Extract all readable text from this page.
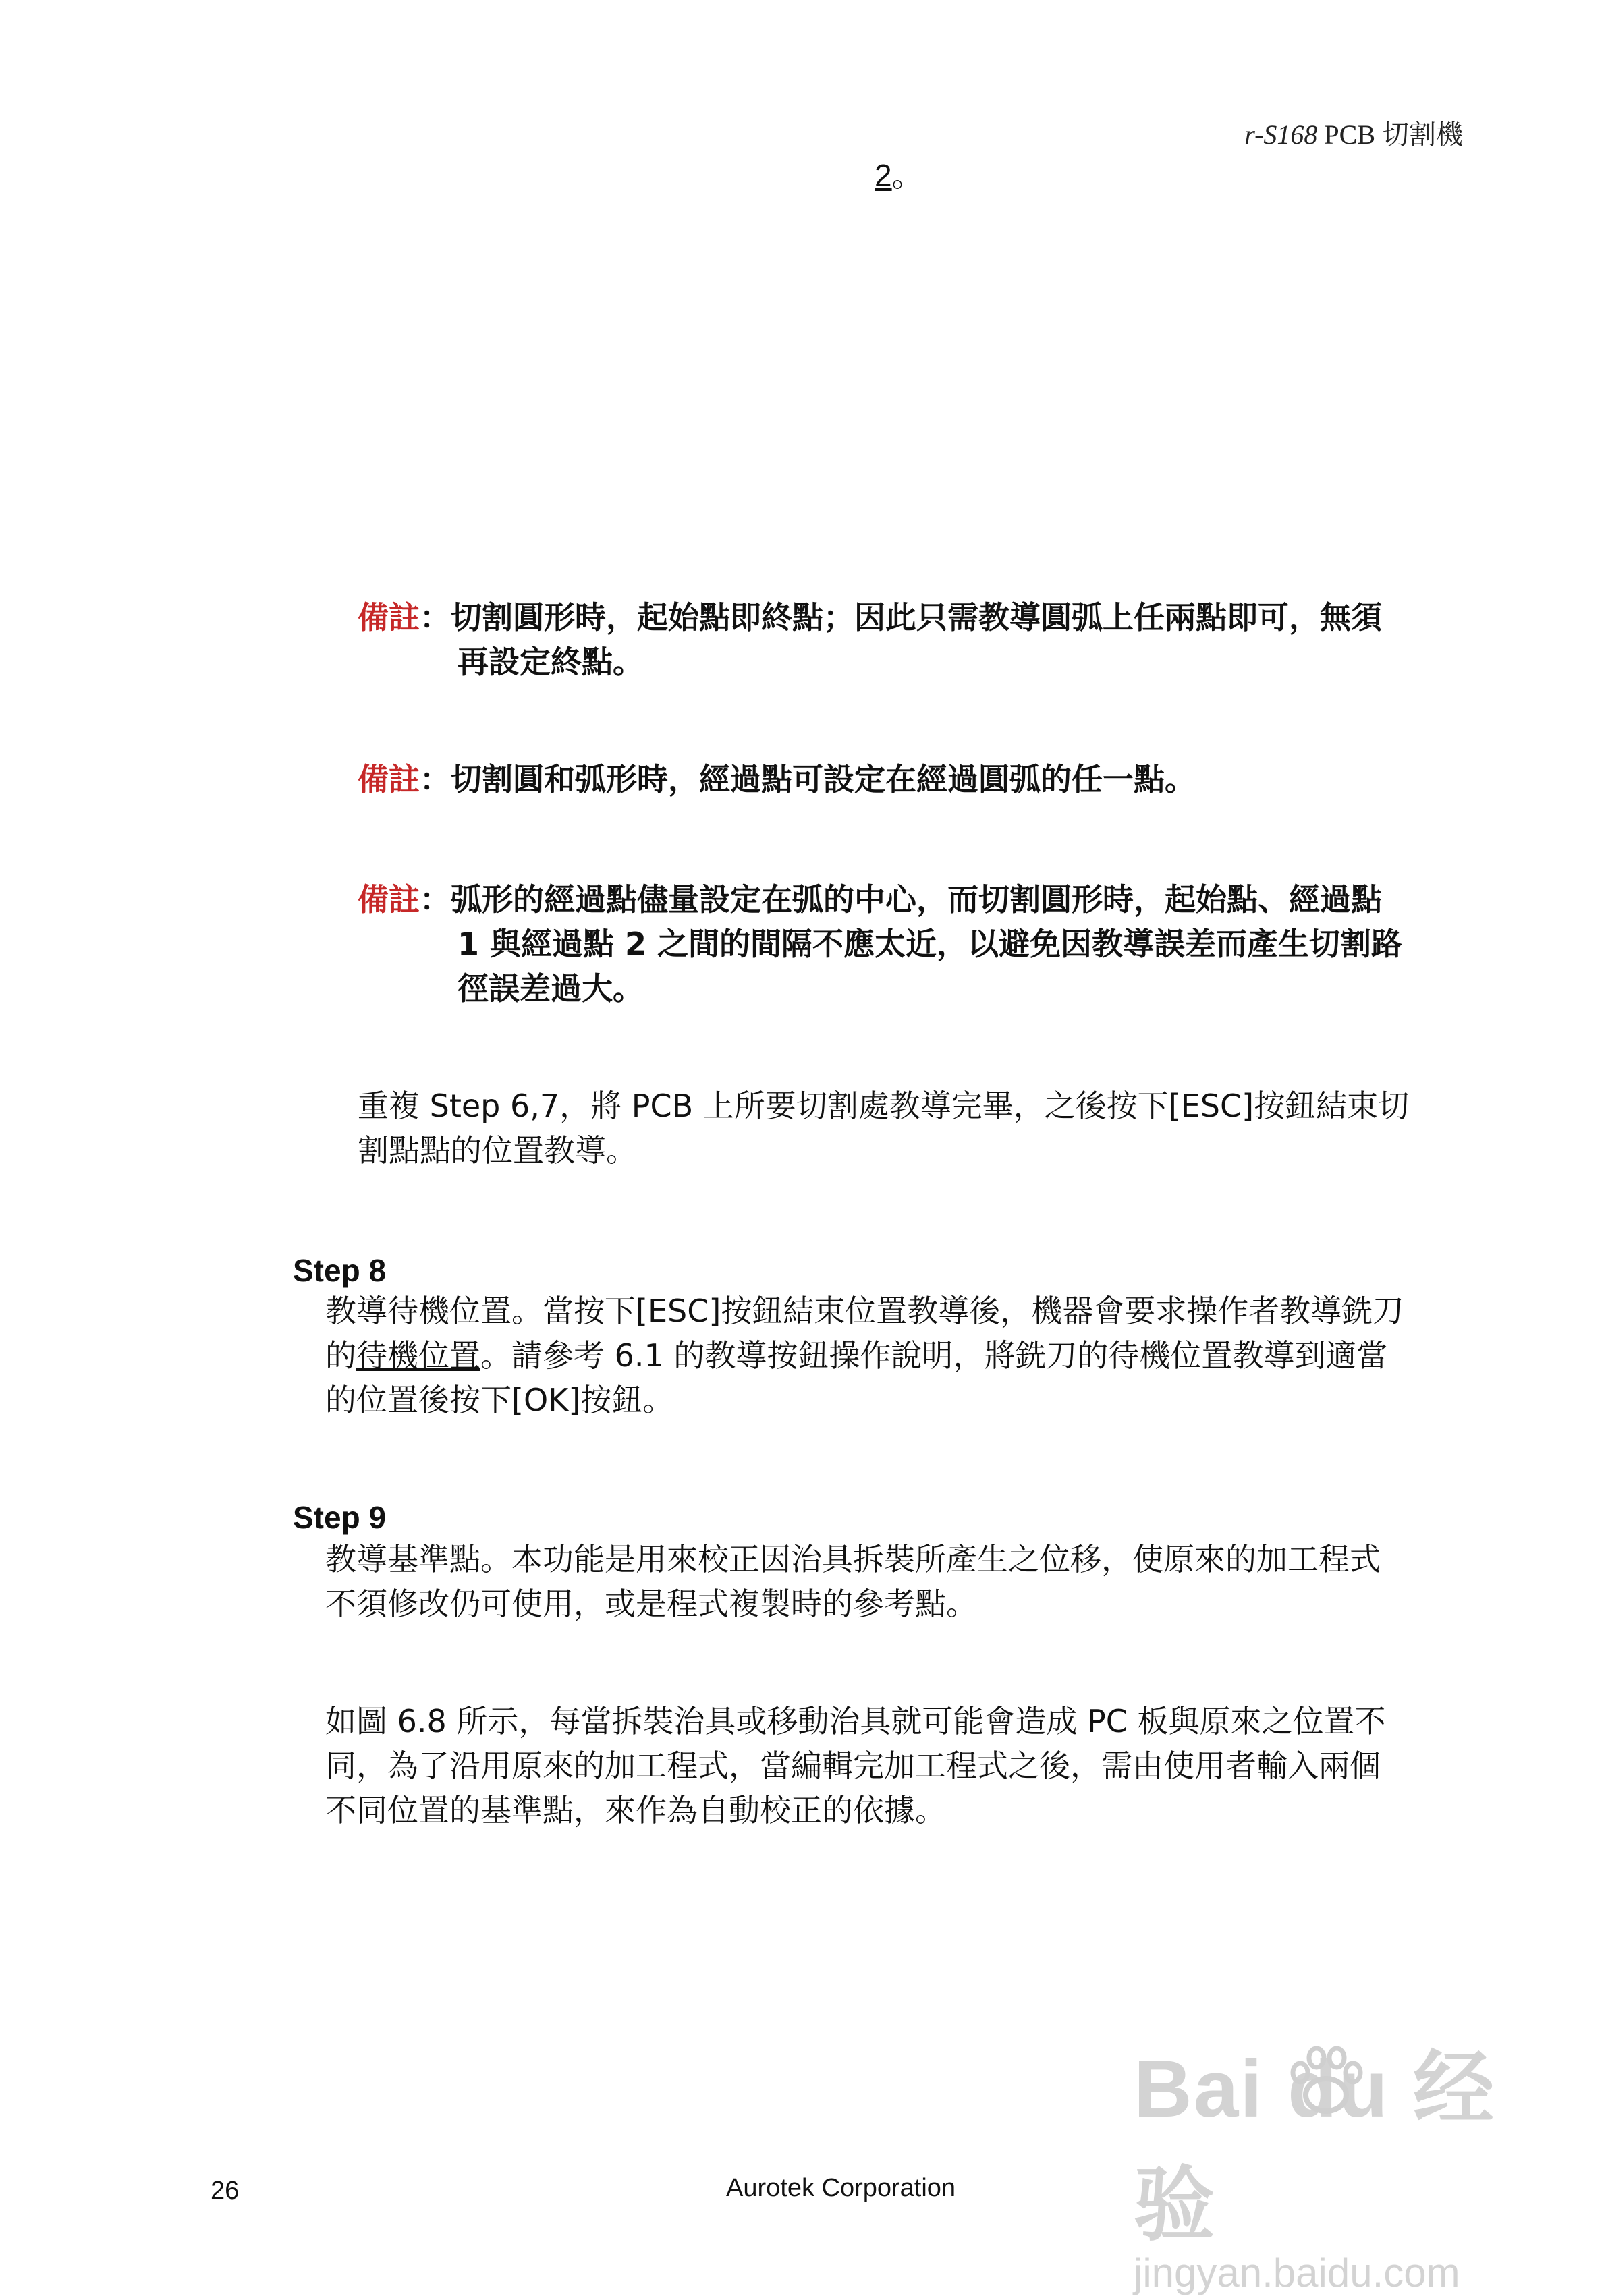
r-S168 PCB 切割機
2。
備註：切割圓形時，起始點即終點；因此只需教導圓弧上任兩點即可，無須
再設定終點。
備註：切割圓和弧形時，經過點可設定在經過圓弧的任一點。
備註：弧形的經過點儘量設定在弧的中心，而切割圓形時，起始點、經過點
1 與經過點 2 之間的間隔不應太近，以避免因教導誤差而產生切割路
徑誤差過大。
重複 Step 6,7，將 PCB 上所要切割處教導完畢，之後按下[ESC]按鈕結束切
割點點的位置教導。
Step 8
教導待機位置。當按下[ESC]按鈕結束位置教導後，機器會要求操作者教導銑刀
的待機位置。請參考 6.1 的教導按鈕操作說明，將銑刀的待機位置教導到適當
的位置後按下[OK]按鈕。
Step 9
教導基準點。本功能是用來校正因治具拆裝所產生之位移，使原來的加工程式
不須修改仍可使用，或是程式複製時的參考點。
如圖 6.8 所示，每當拆裝治具或移動治具就可能會造成 PC 板與原來之位置不
同，為了沿用原來的加工程式，當編輯完加工程式之後，需由使用者輸入兩個
不同位置的基準點，來作為自動校正的依據。
Bai du 经验
jingyan.baidu.com
26	Aurotek Corporation
